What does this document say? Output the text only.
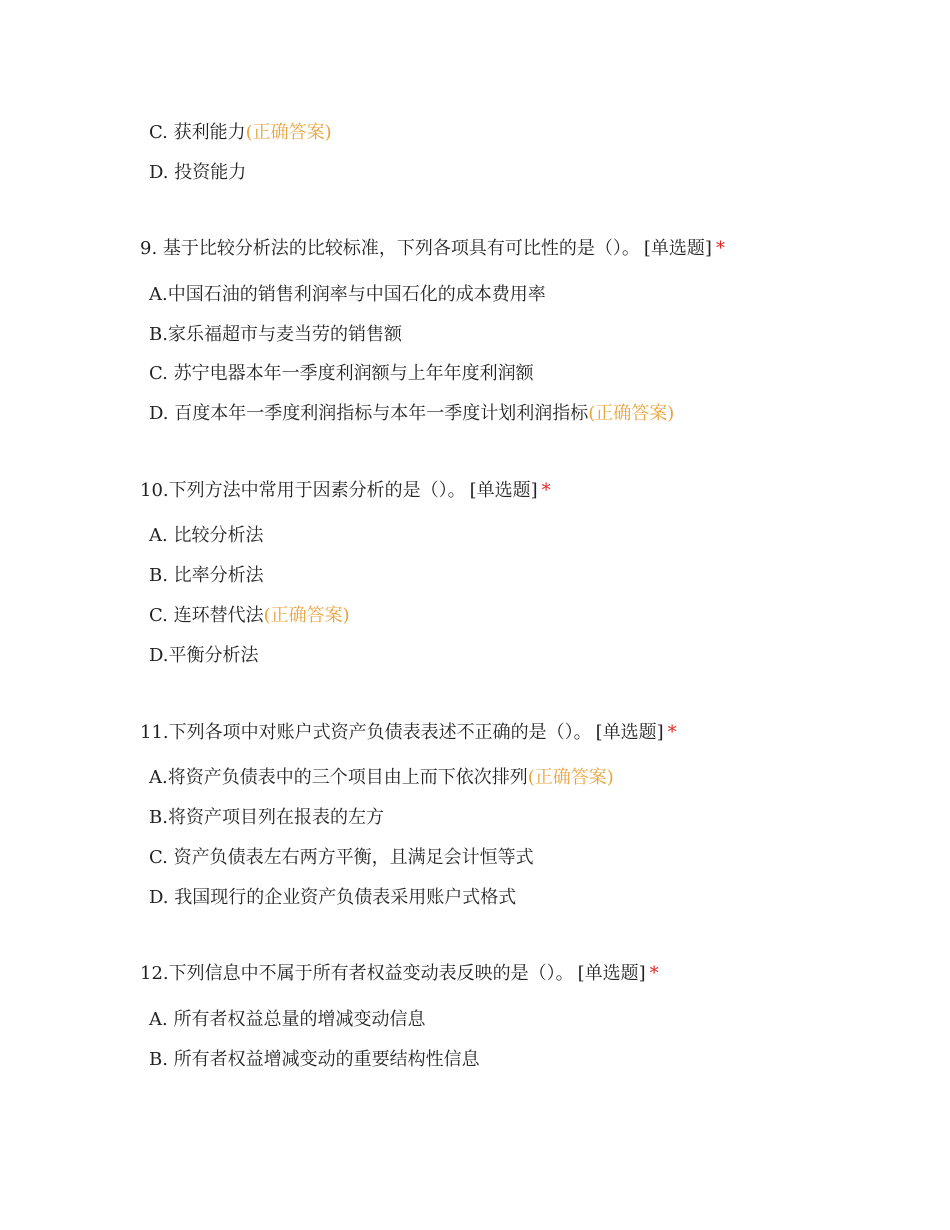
C. 获利能力(正确答案)
D. 投资能力
9. 基于比较分析法的比较标准，下列各项具有可比性的是（）。 [单选题] *
A.中国石油的销售利润率与中国石化的成本费用率
B.家乐福超市与麦当劳的销售额
C. 苏宁电器本年一季度利润额与上年年度利润额
D. 百度本年一季度利润指标与本年一季度计划利润指标(正确答案)
10.下列方法中常用于因素分析的是（）。 [单选题] *
A. 比较分析法
B. 比率分析法
C. 连环替代法(正确答案)
D.平衡分析法
11.下列各项中对账户式资产负债表表述不正确的是（）。 [单选题] *
A.将资产负债表中的三个项目由上而下依次排列(正确答案)
B.将资产项目列在报表的左方
C. 资产负债表左右两方平衡，且满足会计恒等式
D. 我国现行的企业资产负债表采用账户式格式
12.下列信息中不属于所有者权益变动表反映的是（）。 [单选题] *
A. 所有者权益总量的增减变动信息
B. 所有者权益增减变动的重要结构性信息
